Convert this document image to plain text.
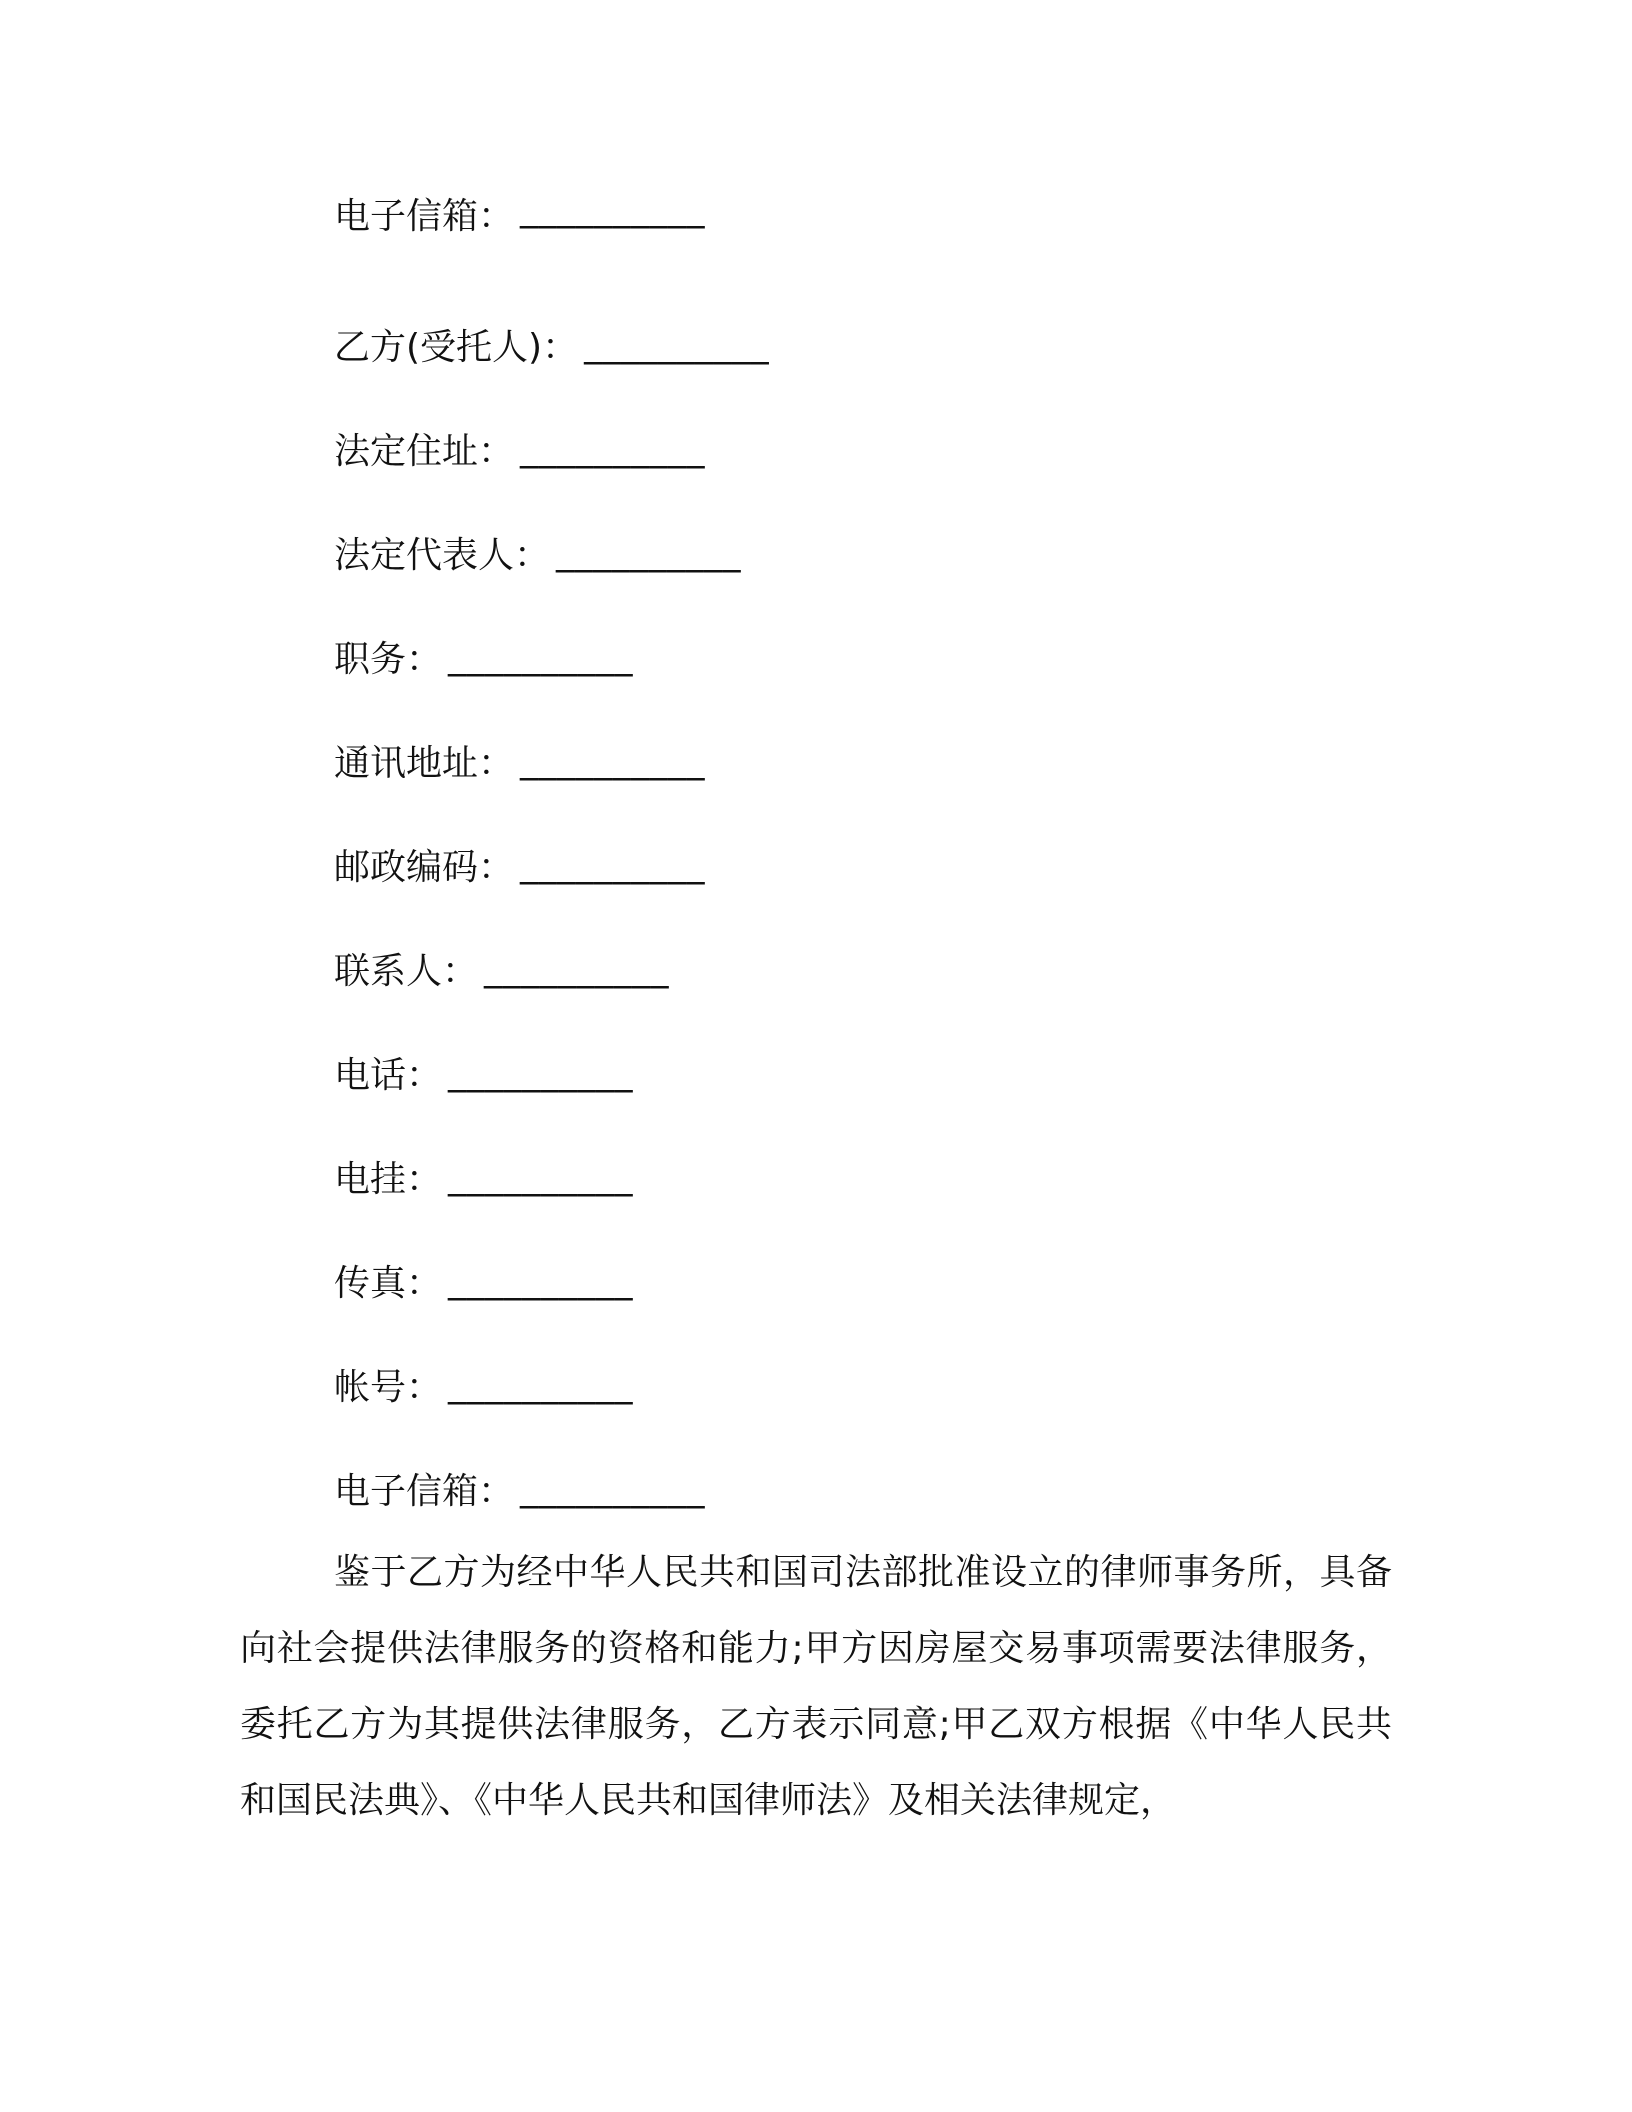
电子信箱： __________
乙方(受托人)： __________
法定住址： __________
法定代表人： __________
职务： __________
通讯地址： __________
邮政编码： __________
联系人： __________
电话： __________
电挂： __________
传真： __________
帐号： __________
电子信箱： __________

鉴于乙方为经中华人民共和国司法部批准设立的律师事务所，具备向社会提供法律服务的资格和能力;甲方因房屋交易事项需要法律服务，委托乙方为其提供法律服务，乙方表示同意;甲乙双方根据《中华人民共和国民法典》、《中华人民共和国律师法》及相关法律规定，
